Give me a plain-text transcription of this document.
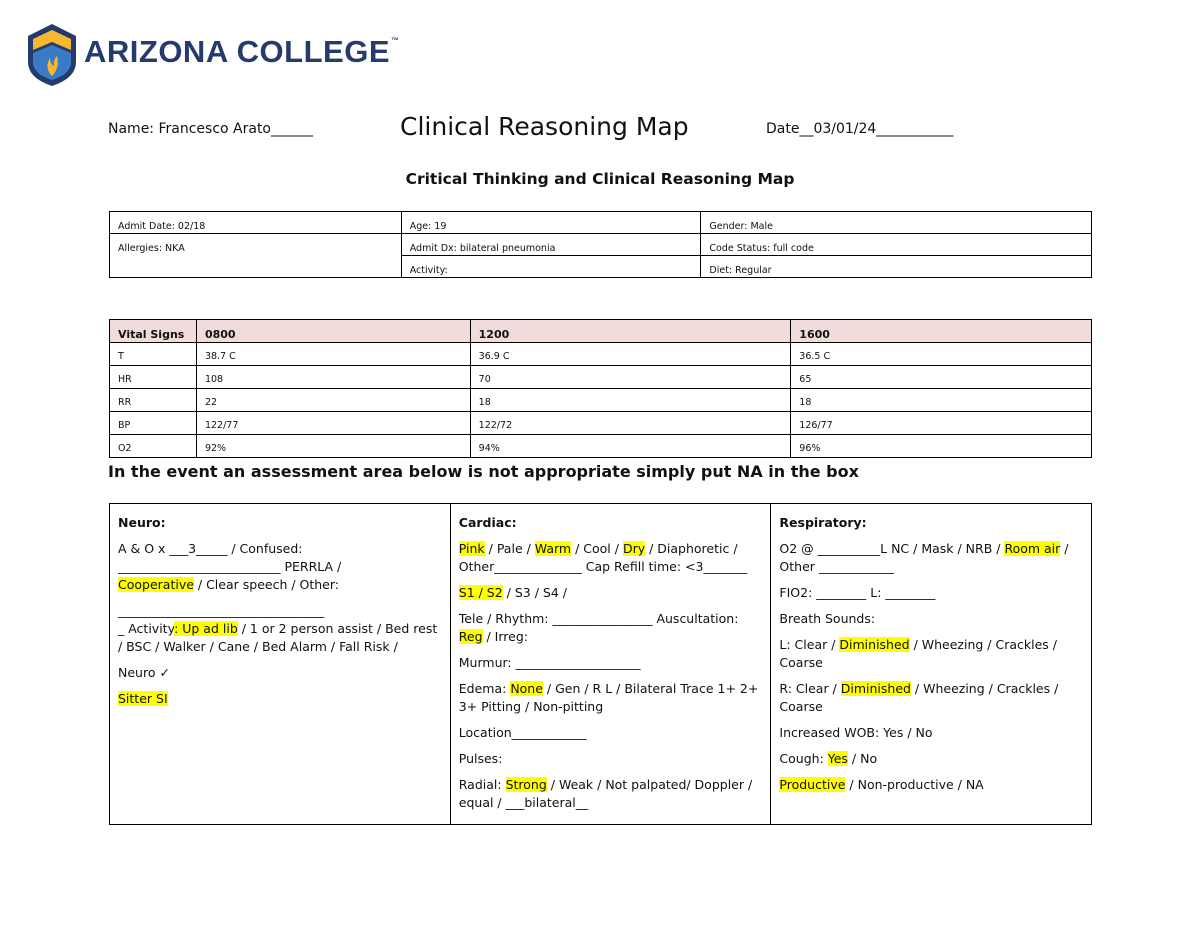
ARIZONA COLLEGE™
Name: Francesco Arato______	Clinical Reasoning Map	Date__03/01/24___________
Critical Thinking and Clinical Reasoning Map
Admit Date: 02/18	Age: 19	Gender: Male
Allergies: NKA	Admit Dx: bilateral pneumonia	Code Status: full code
	Activity:	Diet: Regular
Vital Signs	0800	1200	1600
T	38.7 C	36.9 C	36.5 C
HR	108	70	65
RR	22	18	18
BP	122/77	122/72	126/77
O2	92%	94%	96%
In the event an assessment area below is not appropriate simply put NA in the box

Neuro:

A & O x ___3_____ / Confused:
__________________________ PERRLA /
Cooperative / Clear speech / Other:

_________________________________
_ Activity: Up ad lib / 1 or 2 person assist / Bed rest / BSC / Walker / Cane / Bed Alarm / Fall Risk /

Neuro ✓

Sitter SI

Cardiac:

Pink / Pale / Warm / Cool / Dry / Diaphoretic / Other______________ Cap Refill time: <3_______

S1 / S2 / S3 / S4 /

Tele / Rhythm: ________________ Auscultation: Reg / Irreg:

Murmur: ____________________

Edema: None / Gen / R L / Bilateral Trace 1+ 2+ 3+ Pitting / Non-pitting

Location____________

Pulses:

Radial: Strong / Weak / Not palpated/ Doppler / equal / ___bilateral__

Respiratory:

O2 @ __________L NC / Mask / NRB / Room air / Other ____________

FIO2: ________ L: ________

Breath Sounds:

L: Clear / Diminished / Wheezing / Crackles / Coarse

R: Clear / Diminished / Wheezing / Crackles / Coarse

Increased WOB: Yes / No

Cough: Yes / No

Productive / Non-productive / NA
